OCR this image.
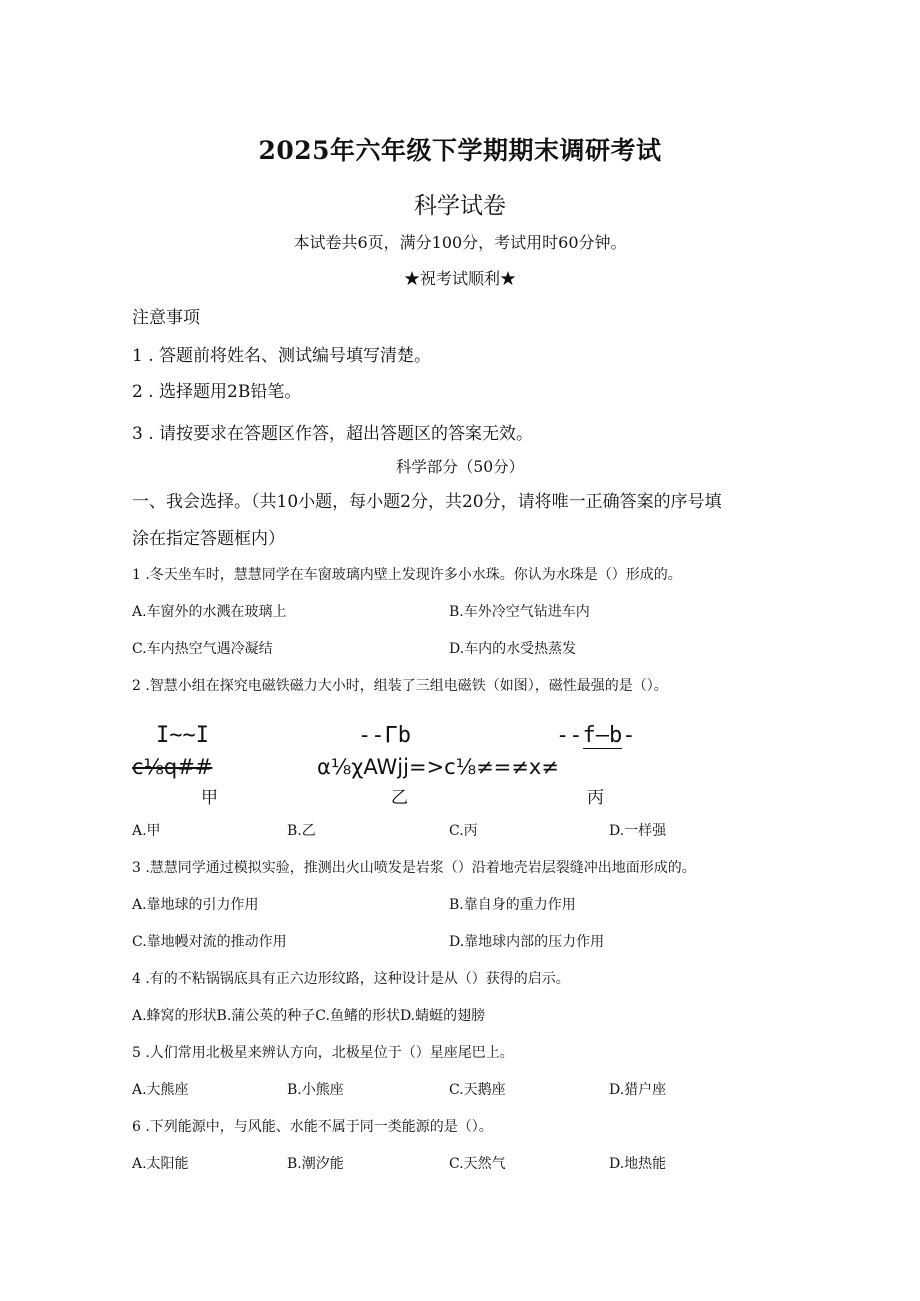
2025年六年级下学期期末调研考试
科学试卷
本试卷共6页，满分100分，考试用时60分钟。
★祝考试顺利★
注意事项
1 . 答题前将姓名、测试编号填写清楚。
2 . 选择题用2B铅笔。
3 . 请按要求在答题区作答，超出答题区的答案无效。
科学部分（50分）
一、我会选择。（共10小题，每小题2分，共20分，请将唯一正确答案的序号填
涂在指定答题框内）
1 .冬天坐车时，慧慧同学在车窗玻璃内壁上发现许多小水珠。你认为水珠是（）形成的。
A.车窗外的水溅在玻璃上	B.车外冷空气钻进车内
C.车内热空气遇冷凝结	D.车内的水受热蒸发
2 .智慧小组在探究电磁铁磁力大小时，组装了三组电磁铁（如图），磁性最强的是（）。
I~~I
c⅛q##
甲
--Γb
α⅛χAWjj=>c⅛≠=≠x≠
乙
--f—b-
丙
A.甲	B.乙	C.丙	D.一样强
3 .慧慧同学通过模拟实验，推测出火山喷发是岩浆（）沿着地壳岩层裂缝冲出地面形成的。
A.靠地球的引力作用	B.靠自身的重力作用
C.靠地幔对流的推动作用	D.靠地球内部的压力作用
4 .有的不粘锅锅底具有正六边形纹路，这种设计是从（）获得的启示。
A.蜂窝的形状B.蒲公英的种子C.鱼鳍的形状D.蜻蜓的翅膀
5 .人们常用北极星来辨认方向，北极星位于（）星座尾巴上。
A.大熊座	B.小熊座	C.天鹅座	D.猎户座
6 .下列能源中，与风能、水能不属于同一类能源的是（）。
A.太阳能	B.潮汐能	C.天然气	D.地热能
